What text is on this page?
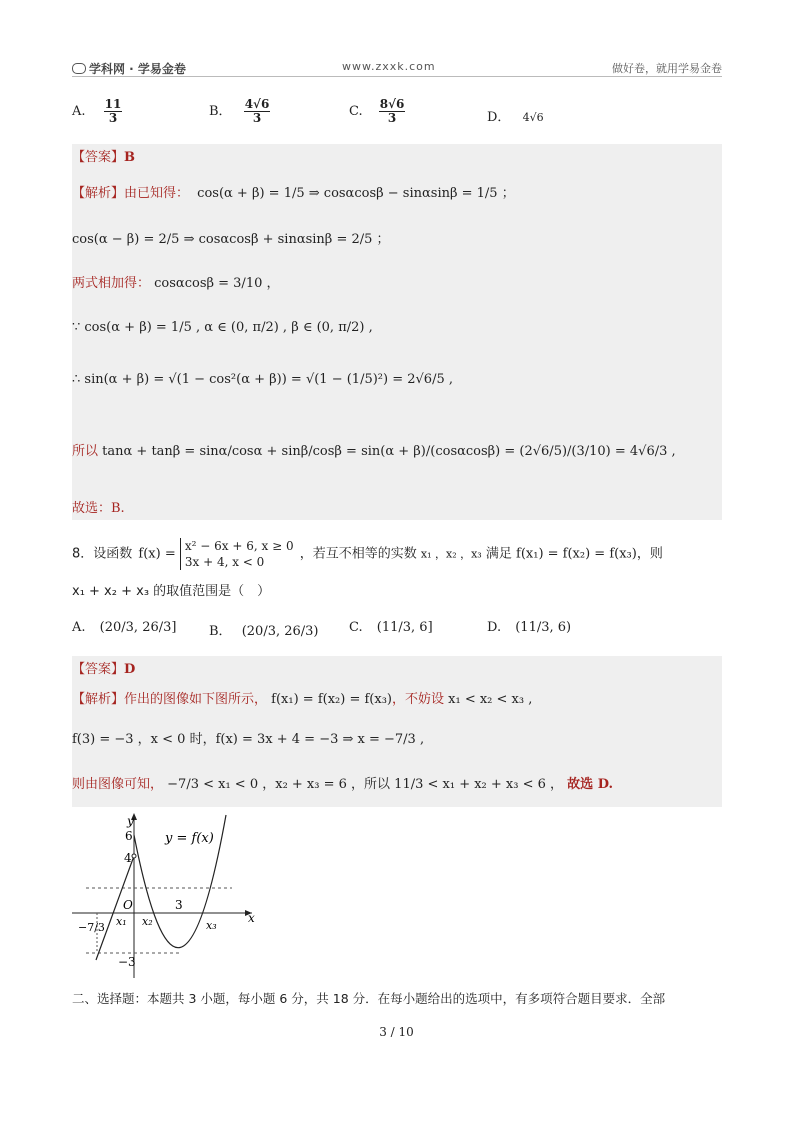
学科网 · 学易金卷	www.zxxk.com	做好卷，就用学易金卷
A. $\frac{11}{3}$	B． $\frac{4√6}{3}$	C. $\frac{8√6}{3}$	D． 4√6
【答案】B
【解析】由已知得： cos(α + β) = 1/5 ⇒ cosαcosβ − sinαsinβ = 1/5 ；
cos(α − β) = 2/5 ⇒ cosαcosβ + sinαsinβ = 2/5 ；
两式相加得： cosαcosβ = 3/10 ，
∵ cos(α + β) = 1/5 , α ∈ (0, π/2) , β ∈ (0, π/2) ,
∴ sin(α + β) = √(1 − cos²(α + β)) = √(1 − (1/5)²) = 2√6/5 ,
所以 tanα + tanβ = sinα/cosα + sinβ/cosβ = sin(α + β)/(cosαcosβ) = (2√6/5)/(3/10) = 4√6/3 ,
故选：B.
8．设函数 f(x) =
x² − 6x + 6, x ≥ 0
3x + 4, x < 0
，若互不相等的实数 x₁ ，x₂ ，x₃ 满足 f(x₁) = f(x₂) = f(x₃)，则
x₁ + x₂ + x₃ 的取值范围是（　）
A. (20/3, 26/3]	B． (20/3, 26/3) C. (11/3, 6]	D. (11/3, 6)
【答案】D
【解析】作出的图像如下图所示， f(x₁) = f(x₂) = f(x₃)，不妨设 x₁ < x₂ < x₃ ,
f(3) = −3 ，x < 0 时，f(x) = 3x + 4 = −3 ⇒ x = −7/3 ,
则由图像可知， −7/3 < x₁ < 0 ，x₂ + x₃ = 6 ，所以 11/3 < x₁ + x₂ + x₃ < 6 ， 故选 D.
y
x
y = f(x)
6
4
O	3
−3
−7/3 x₁ x₂	x₃
二、选择题：本题共 3 小题，每小题 6 分，共 18 分．在每小题给出的选项中，有多项符合题目要求．全部
3 / 10
